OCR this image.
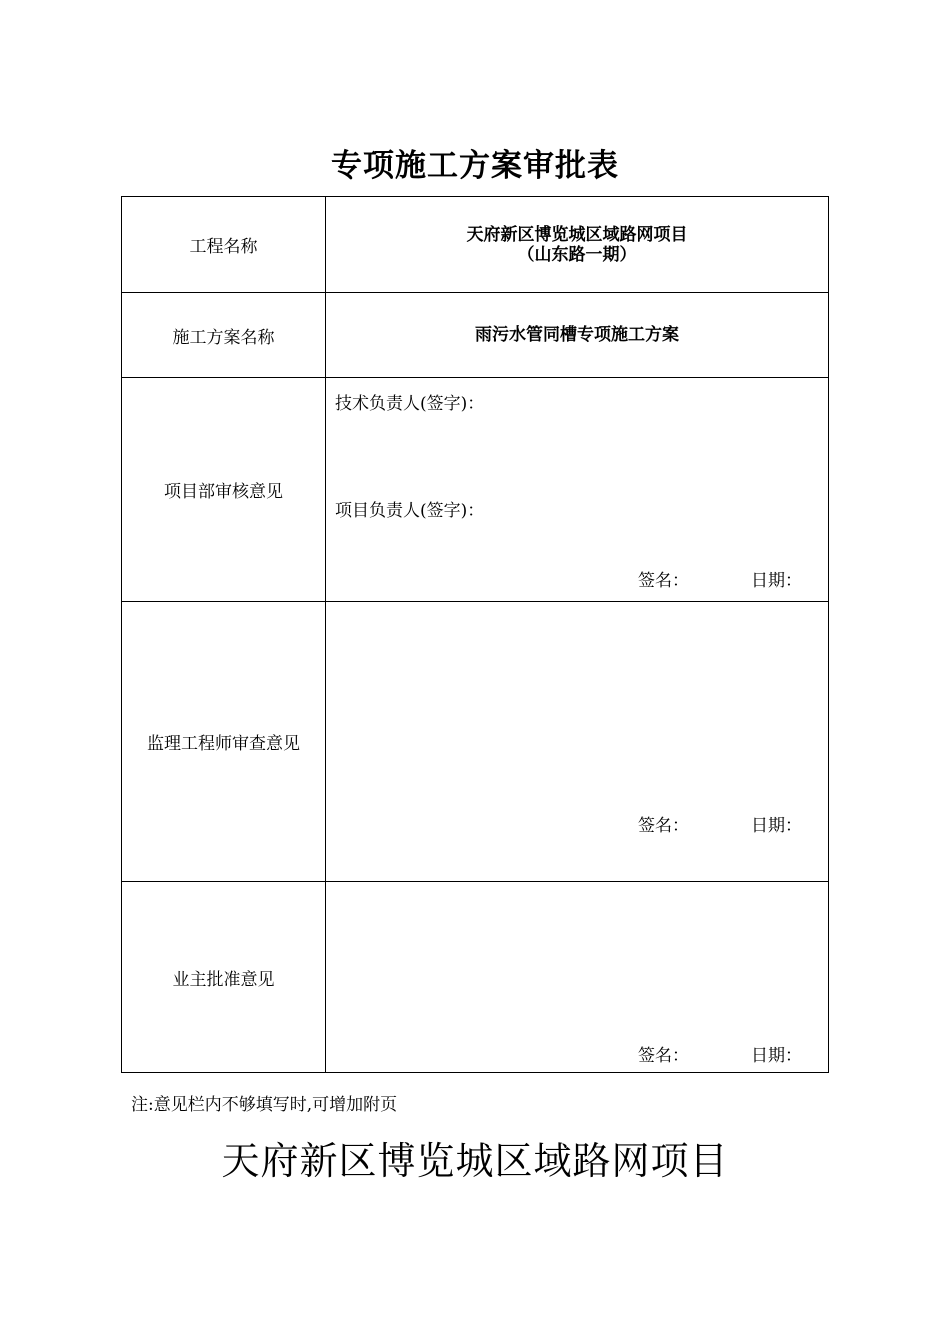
专项施工方案审批表
工程名称	天府新区博览城区域路网项目
（山东路一期）

施工方案名称	雨污水管同槽专项施工方案
项目部审核意见	技术负责人(签字)：
项目负责人(签字)：
签名： 日期：

监理工程师审查意见	签名： 日期：

业主批准意见	签名： 日期：
注:意见栏内不够填写时,可增加附页
天府新区博览城区域路网项目
